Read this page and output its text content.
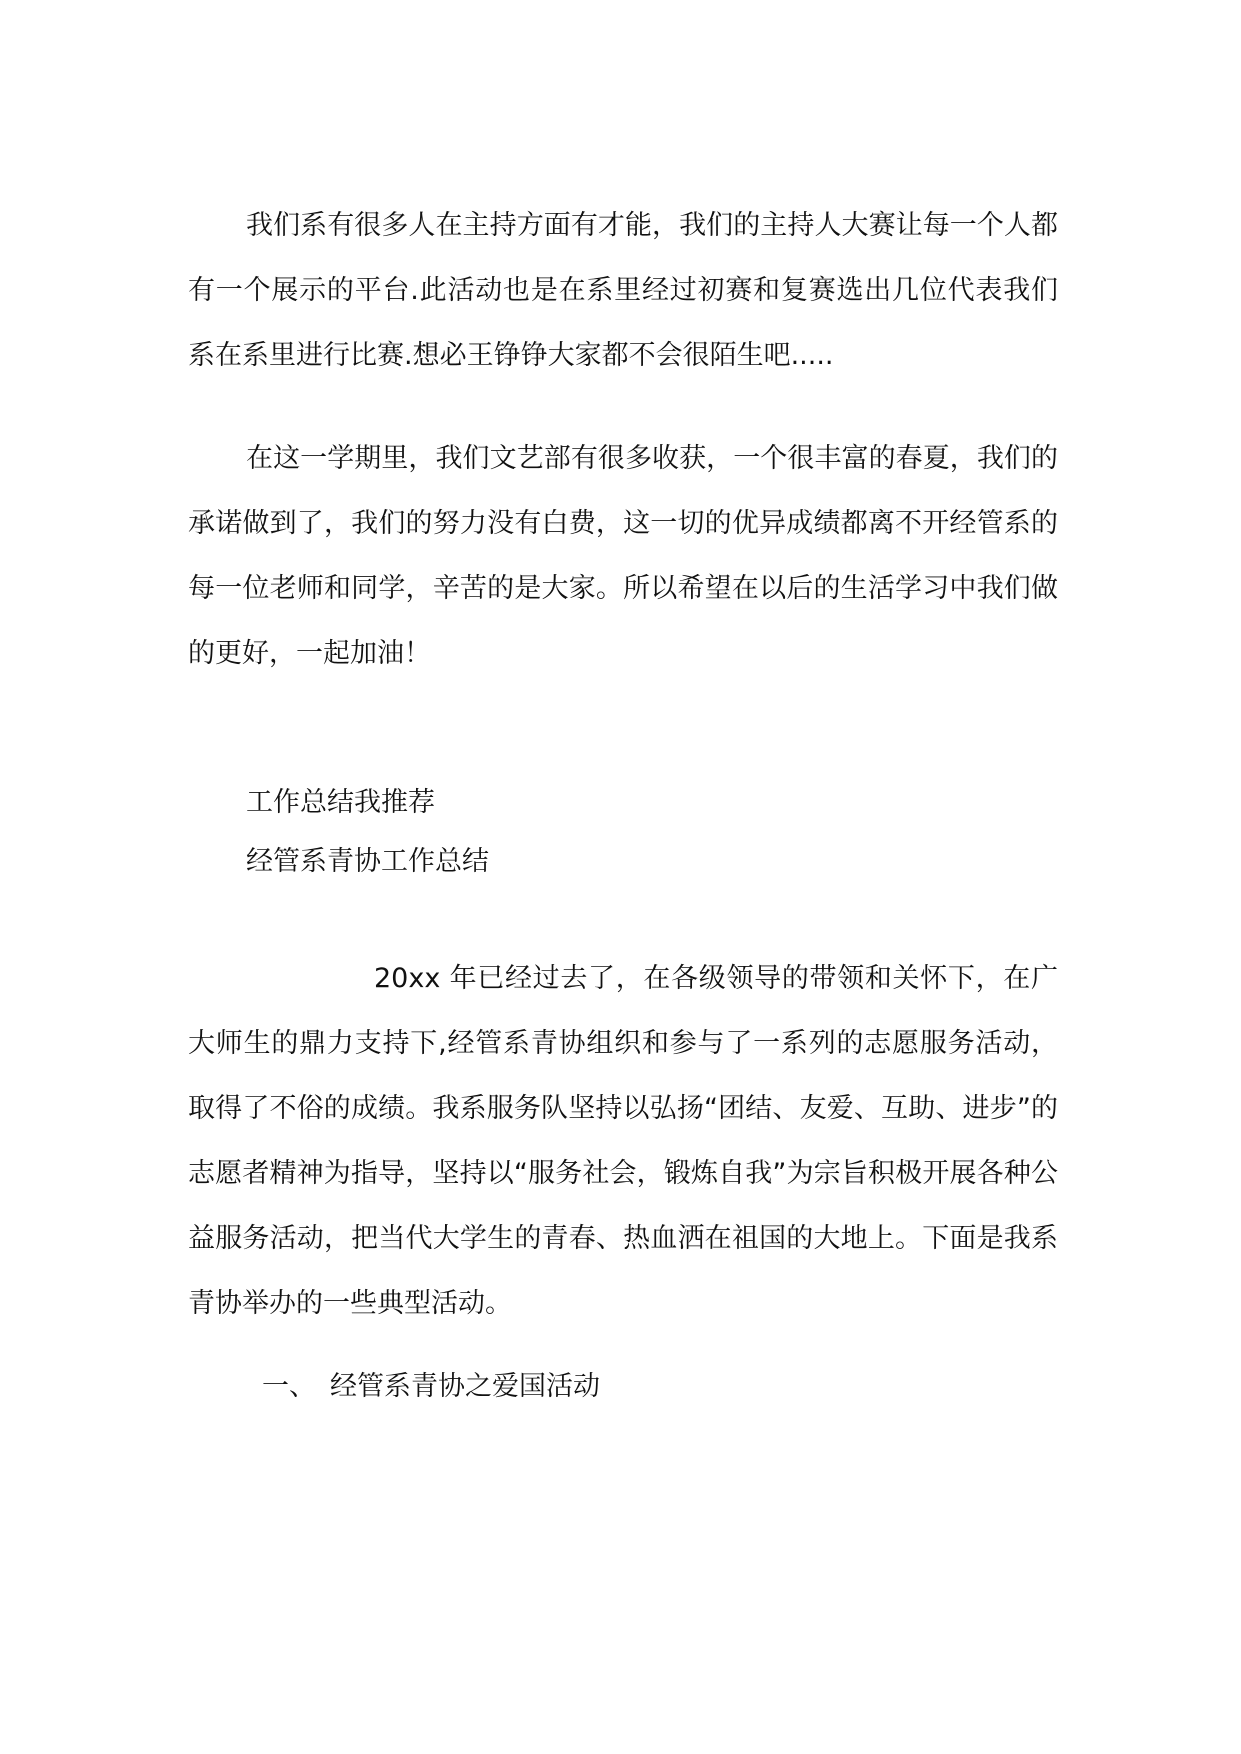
我们系有很多人在主持方面有才能，我们的主持人大赛让每一个人都有一个展示的平台.此活动也是在系里经过初赛和复赛选出几位代表我们系在系里进行比赛.想必王铮铮大家都不会很陌生吧.....

在这一学期里，我们文艺部有很多收获，一个很丰富的春夏，我们的承诺做到了，我们的努力没有白费，这一切的优异成绩都离不开经管系的每一位老师和同学，辛苦的是大家。所以希望在以后的生活学习中我们做的更好，一起加油！

工作总结我推荐

经管系青协工作总结

20xx 年已经过去了，在各级领导的带领和关怀下，在广大师生的鼎力支持下,经管系青协组织和参与了一系列的志愿服务活动，取得了不俗的成绩。我系服务队坚持以弘扬“团结、友爱、互助、进步”的志愿者精神为指导，坚持以“服务社会，锻炼自我”为宗旨积极开展各种公益服务活动，把当代大学生的青春、热血洒在祖国的大地上。下面是我系青协举办的一些典型活动。

一、 经管系青协之爱国活动
